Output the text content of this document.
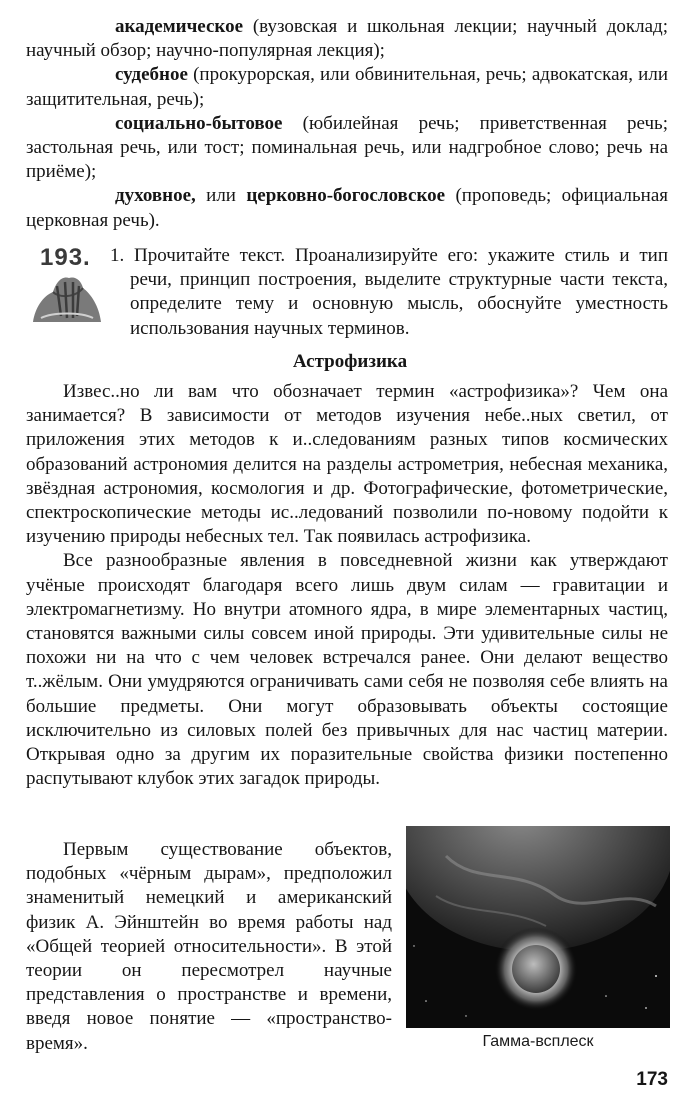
академическое (вузовская и школьная лекции; научный доклад; научный обзор; научно-популярная лекция);

судебное (прокурорская, или обвинительная, речь; адвокатская, или защитительная, речь);

социально-бытовое (юбилейная речь; приветственная речь; застольная речь, или тост; поминальная речь, или надгробное слово; речь на приёме);

духовное, или церковно-богословское (проповедь; официальная церковная речь).

193. 1. Прочитайте текст. Проанализируйте его: укажите стиль и тип речи, принцип построения, выделите структурные части текста, определите тему и основную мысль, обоснуйте уместность использования научных терминов.

Астрофизика

Извес..но ли вам что обозначает термин «астрофизика»? Чем она занимается? В зависимости от методов изучения небе..ных светил, от приложения этих методов к и..следованиям разных типов космических образований астрономия делится на разделы астрометрия, небесная механика, звёздная астрономия, космология и др. Фотографические, фотометрические, спектроскопические методы ис..ледований позволили по-новому подойти к изучению природы небесных тел. Так появилась астрофизика.

Все разнообразные явления в повседневной жизни как утверждают учёные происходят благодаря всего лишь двум силам — гравитации и электромагнетизму. Но внутри атомного ядра, в мире элементарных частиц, становятся важными силы совсем иной природы. Эти удивительные силы не похожи ни на что с чем человек встречался ранее. Они делают вещество т..жёлым. Они умудряются ограничивать сами себя не позволяя себе влиять на большие предметы. Они могут образовывать объекты состоящие исключительно из силовых полей без привычных для нас частиц материи. Открывая одно за другим их поразительные свойства физики постепенно распутывают клубок этих загадок природы.

Первым существование объектов, подобных «чёрным дырам», предположил знаменитый немецкий и американский физик А. Эйнштейн во время работы над «Общей теорией относительности». В этой теории он пересмотрел научные представления о пространстве и времени, введя новое понятие — «пространство-время».	Гамма-всплеск
173
